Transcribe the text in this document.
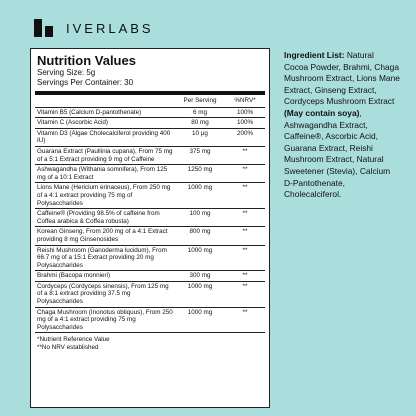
IVERLABS
Nutrition Values
Serving Size: 5g
Servings Per Container: 30
	Per Serving	%NRV*
Vitamin B5 (Calcium D-pantothenate)	6 mg	100%
Vitamin C (Ascorbic Acid)	80 mg	100%
Vitamin D3 (Algae Cholecalciferol providing 400 IU)	10 µg	200%
Guarana Extract (Paullinia cupana), From 75 mg of a 5:1 Extract providing 9 mg of Caffeine	375 mg	**
Ashwagandha (Withania somnifera), From 125 mg of a 10:1 Extract	1250 mg	**
Lions Mane (Hericium erinaceus), From 250 mg of a 4:1 extract providing 75 mg of Polysaccharides	1000 mg	**
Caffeine® (Providing 98.5% of caffeine from Coffea arabica & Coffea robusta)	100 mg	**
Korean Ginseng, From 200 mg of a 4:1 Extract providing 8 mg Ginsenosides	800 mg	**
Reishi Mushroom (Ganoderma lucidum), From 66.7 mg of a 15:1 Extract providing 20 mg Polysaccharides	1000 mg	**
Brahmi (Bacopa monnieri)	300 mg	**
Cordyceps (Cordyceps sinensis), From 125 mg of a 8:1 extract providing 37.5 mg Polysaccharides	1000 mg	**
Chaga Mushroom (Inonotus obliquus), From 250 mg of a 4:1 extract providing 75 mg Polysaccharides	1000 mg	**
*Nutrient Reference Value
**No NRV established
Ingredient List: Natural Cocoa Powder, Brahmi, Chaga Mushroom Extract, Lions Mane Extract, Ginseng Extract, Cordyceps Mushroom Extract (May contain soya), Ashwagandha Extract, Caffeine®, Ascorbic Acid, Guarana Extract, Reishi Mushroom Extract, Natural Sweetener (Stevia), Calcium D-Pantothenate, Cholecalciferol.
